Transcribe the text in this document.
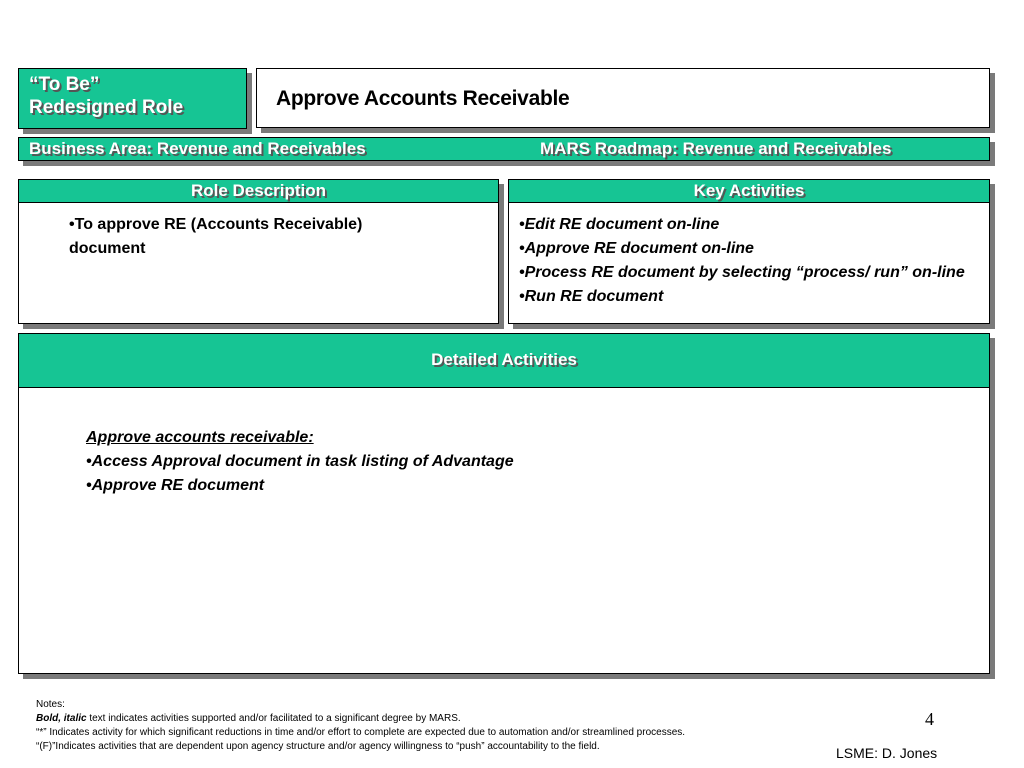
“To Be”
Redesigned Role	Approve Accounts Receivable
Business Area: Revenue and Receivables	MARS Roadmap: Revenue and Receivables
Role Description
• To approve RE (Accounts Receivable) document
Key Activities
• Edit RE document on-line
• Approve RE document on-line
• Process RE document by selecting “process/ run” on-line
• Run RE document
Detailed Activities
Approve accounts receivable:
• Access Approval document in task listing of Advantage
• Approve RE document
Notes:
Bold, italic text indicates activities supported and/or facilitated to a significant degree by MARS.
“*” Indicates activity for which significant reductions in time and/or effort to complete are expected due to automation and/or streamlined processes.
“(F)”Indicates activities that are dependent upon agency structure and/or agency willingness to “push” accountability to the field.
4
LSME: D. Jones
